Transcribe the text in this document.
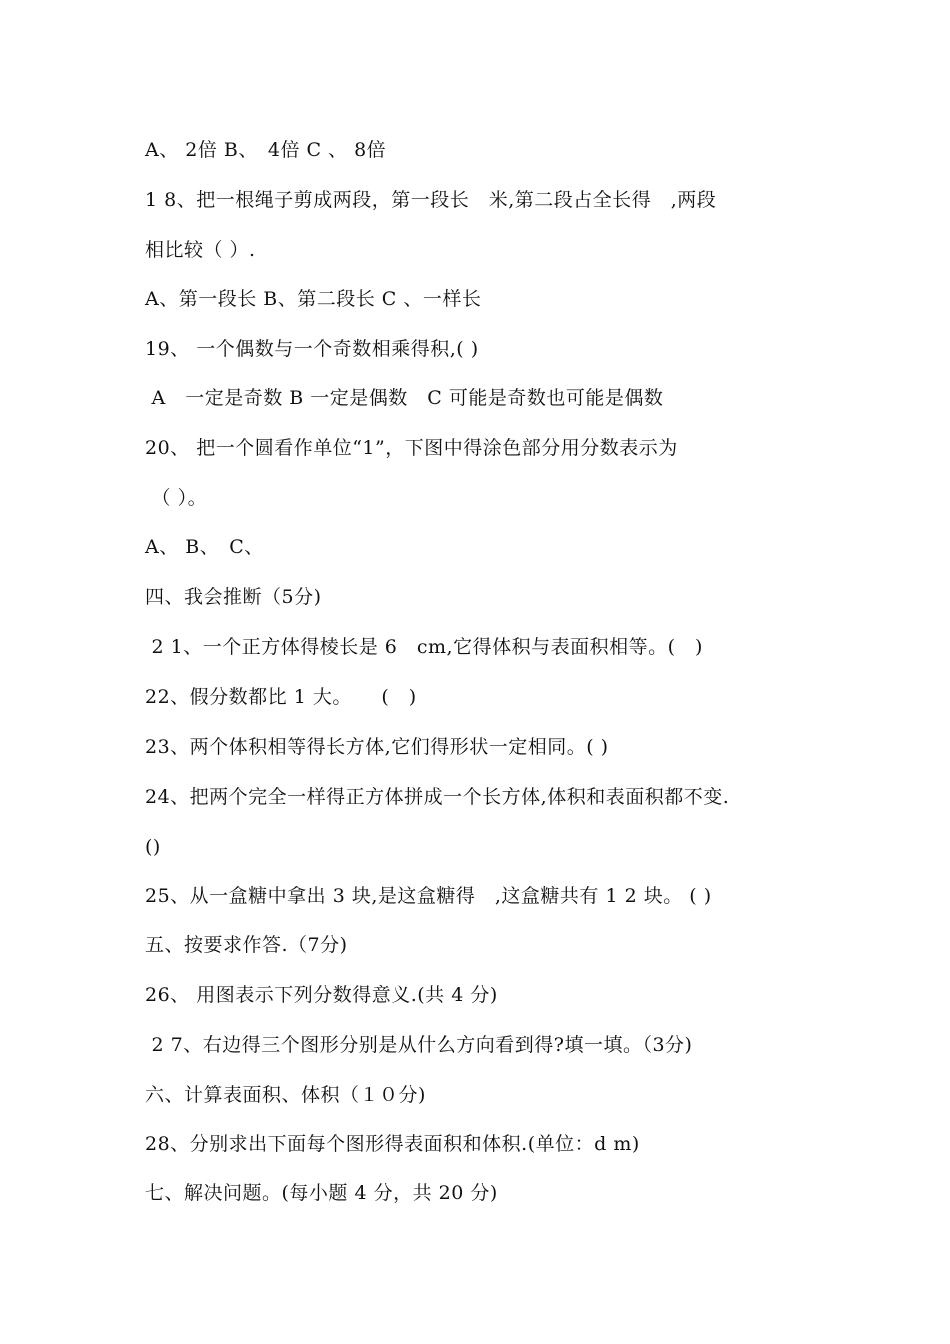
A、 2倍 B、　4倍 C 、 8倍
1 8、把一根绳子剪成两段，第一段长　米,第二段占全长得　,两段
相比较（ ）.
A、第一段长 B、第二段长 C 、一样长
19、 一个偶数与一个奇数相乘得积,( )
A　一定是奇数 B 一定是偶数　C 可能是奇数也可能是偶数
20、 把一个圆看作单位“1”，下图中得涂色部分用分数表示为
（ ）。
A、 B、　C、
四、我会推断（5分)
2 1、一个正方体得棱长是 6　cm,它得体积与表面积相等。(　)
22、假分数都比 1 大。　　(　)
23、两个体积相等得长方体,它们得形状一定相同。( )
24、把两个完全一样得正方体拼成一个长方体,体积和表面积都不变.
()
25、从一盒糖中拿出 3 块,是这盒糖得　,这盒糖共有 1 2 块。 ( )
五、按要求作答.（7分)
26、 用图表示下列分数得意义.(共 4 分)
2 7、右边得三个图形分别是从什么方向看到得?填一填。（3分)
六、计算表面积、体积（１０分)
28、分别求出下面每个图形得表面积和体积.(单位：d m)
七、解决问题。(每小题 4 分，共 20 分)
